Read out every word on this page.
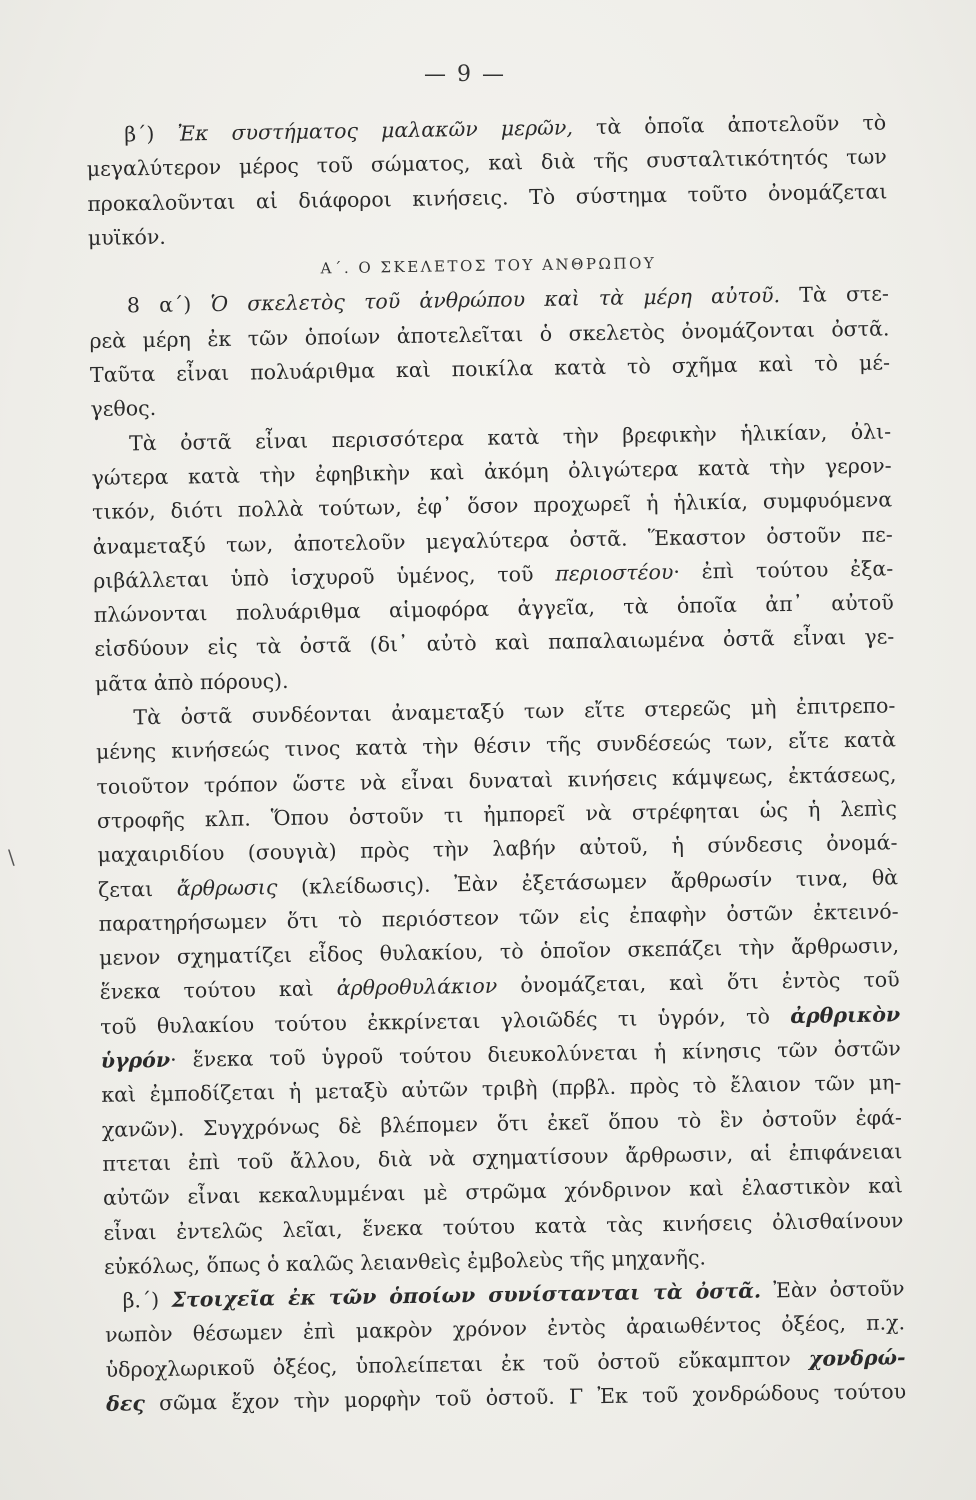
— 9 —
\
β΄) Ἐκ συστήματος μαλακῶν μερῶν, τὰ ὁποῖα ἀποτελοῦν τὸ
μεγαλύτερον μέρος τοῦ σώματος, καὶ διὰ τῆς συσταλτικότητός των
προκαλοῦνται αἱ διάφοροι κινήσεις. Τὸ σύστημα τοῦτο ὀνομάζεται
μυϊκόν.
Α΄. Ο ΣΚΕΛΕΤΟΣ ΤΟΥ ΑΝΘΡΩΠΟΥ
8 α΄) Ὁ σκελετὸς τοῦ ἀνθρώπου καὶ τὰ μέρη αὐτοῦ. Τὰ στε-
ρεὰ μέρη ἐκ τῶν ὁποίων ἀποτελεῖται ὁ σκελετὸς ὀνομάζονται ὀστᾶ.
Ταῦτα εἶναι πολυάριθμα καὶ ποικίλα κατὰ τὸ σχῆμα καὶ τὸ μέ-
γεθος.
Τὰ ὀστᾶ εἶναι περισσότερα κατὰ τὴν βρεφικὴν ἡλικίαν, ὀλι-
γώτερα κατὰ τὴν ἐφηβικὴν καὶ ἀκόμη ὀλιγώτερα κατὰ τὴν γερον-
τικόν, διότι πολλὰ τούτων, ἐφ᾽ ὅσον προχωρεῖ ἡ ἡλικία, συμφυόμενα
ἀναμεταξύ των, ἀποτελοῦν μεγαλύτερα ὀστᾶ. Ἕκαστον ὀστοῦν πε-
ριβάλλεται ὑπὸ ἰσχυροῦ ὑμένος, τοῦ περιοστέου· ἐπὶ τούτου ἐξα-
πλώνονται πολυάριθμα αἱμοφόρα ἀγγεῖα, τὰ ὁποῖα ἀπ᾽ αὐτοῦ
εἰσδύουν εἰς τὰ ὀστᾶ (δι᾽ αὐτὸ καὶ παπαλαιωμένα ὀστᾶ εἶναι γε-
μᾶτα ἀπὸ πόρους).
Τὰ ὀστᾶ συνδέονται ἀναμεταξύ των εἴτε στερεῶς μὴ ἐπιτρεπο-
μένης κινήσεώς τινος κατὰ τὴν θέσιν τῆς συνδέσεώς των, εἴτε κατὰ
τοιοῦτον τρόπον ὥστε νὰ εἶναι δυναταὶ κινήσεις κάμψεως, ἐκτάσεως,
στροφῆς κλπ. Ὅπου ὀστοῦν τι ἠμπορεῖ νὰ στρέφηται ὡς ἡ λεπὶς
μαχαιριδίου (σουγιὰ) πρὸς τὴν λαβήν αὐτοῦ, ἡ σύνδεσις ὀνομά-
ζεται ἄρθρωσις (κλείδωσις). Ἐὰν ἐξετάσωμεν ἄρθρωσίν τινα, θὰ
παρατηρήσωμεν ὅτι τὸ περιόστεον τῶν εἰς ἐπαφὴν ὀστῶν ἐκτεινό-
μενον σχηματίζει εἶδος θυλακίου, τὸ ὁποῖον σκεπάζει τὴν ἄρθρωσιν,
ἕνεκα τούτου καὶ ἀρθροθυλάκιον ὀνομάζεται, καὶ ὅτι ἐντὸς τοῦ
τοῦ θυλακίου τούτου ἐκκρίνεται γλοιῶδές τι ὑγρόν, τὸ ἀρθρικὸν
ὑγρόν· ἕνεκα τοῦ ὑγροῦ τούτου διευκολύνεται ἡ κίνησις τῶν ὀστῶν
καὶ ἐμποδίζεται ἡ μεταξὺ αὐτῶν τριβὴ (πρβλ. πρὸς τὸ ἔλαιον τῶν μη-
χανῶν). Συγχρόνως δὲ βλέπομεν ὅτι ἐκεῖ ὅπου τὸ ἓν ὀστοῦν ἐφά-
πτεται ἐπὶ τοῦ ἄλλου, διὰ νὰ σχηματίσουν ἄρθρωσιν, αἱ ἐπιφάνειαι
αὐτῶν εἶναι κεκαλυμμέναι μὲ στρῶμα χόνδρινον καὶ ἐλαστικὸν καὶ
εἶναι ἐντελῶς λεῖαι, ἕνεκα τούτου κατὰ τὰς κινήσεις ὀλισθαίνουν
εὐκόλως, ὅπως ὁ καλῶς λειανθεὶς ἐμβολεὺς τῆς μηχανῆς.
β.΄) Στοιχεῖα ἐκ τῶν ὁποίων συνίστανται τὰ ὀστᾶ. Ἐὰν ὀστοῦν
νωπὸν θέσωμεν ἐπὶ μακρὸν χρόνον ἐντὸς ἀραιωθέντος ὀξέος, π.χ.
ὑδροχλωρικοῦ ὀξέος, ὑπολείπεται ἐκ τοῦ ὀστοῦ εὔκαμπτον χονδρώ-
δες σῶμα ἔχον τὴν μορφὴν τοῦ ὀστοῦ. Γ Ἐκ τοῦ χονδρώδους τούτου
